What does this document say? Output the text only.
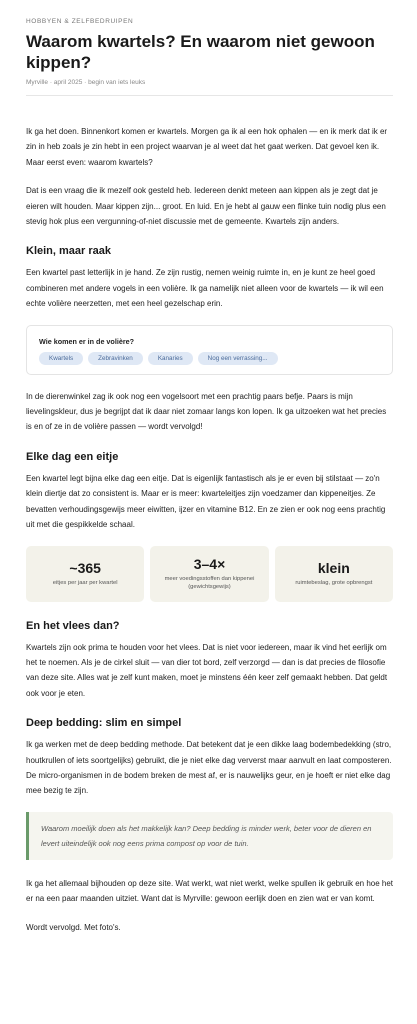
HOBBYEN & ZELFBEDRUIPEN
Waarom kwartels? En waarom niet gewoon kippen?
Myrville · april 2025 · begin van iets leuks

Ik ga het doen. Binnenkort komen er kwartels. Morgen ga ik al een hok ophalen — en ik merk dat ik er zin in heb zoals je zin hebt in een project waarvan je al weet dat het gaat werken. Dat gevoel ken ik. Maar eerst even: waarom kwartels?

Dat is een vraag die ik mezelf ook gesteld heb. Iedereen denkt meteen aan kippen als je zegt dat je eieren wilt houden. Maar kippen zijn... groot. En luid. En je hebt al gauw een flinke tuin nodig plus een stevig hok plus een vergunning-of-niet discussie met de gemeente. Kwartels zijn anders.

Klein, maar raak

Een kwartel past letterlijk in je hand. Ze zijn rustig, nemen weinig ruimte in, en je kunt ze heel goed combineren met andere vogels in een volière. Ik ga namelijk niet alleen voor de kwartels — ik wil een echte volière neerzetten, met een heel gezelschap erin.

Wie komen er in de volière?
Kwartels	Zebravinken	Kanaries	Nog een verrassing...

In de dierenwinkel zag ik ook nog een vogelsoort met een prachtig paars befje. Paars is mijn lievelingskleur, dus je begrijpt dat ik daar niet zomaar langs kon lopen. Ik ga uitzoeken wat het precies is en of ze in de volière passen — wordt vervolgd!

Elke dag een eitje

Een kwartel legt bijna elke dag een eitje. Dat is eigenlijk fantastisch als je er even bij stilstaat — zo'n klein diertje dat zo consistent is. Maar er is meer: kwarteleitjes zijn voedzamer dan kippeneitjes. Ze bevatten verhoudingsgewijs meer eiwitten, ijzer en vitamine B12. En ze zien er ook nog eens prachtig uit met die gespikkelde schaal.

~365
eitjes per jaar per kwartel
3–4×
meer voedingsstoffen dan kippenei (gewichtsgewijs)
klein
ruimtebeslag, grote opbrengst
En het vlees dan?

Kwartels zijn ook prima te houden voor het vlees. Dat is niet voor iedereen, maar ik vind het eerlijk om het te noemen. Als je de cirkel sluit — van dier tot bord, zelf verzorgd — dan is dat precies de filosofie van deze site. Alles wat je zelf kunt maken, moet je minstens één keer zelf gemaakt hebben. Dat geldt ook voor je eten.

Deep bedding: slim en simpel

Ik ga werken met de deep bedding methode. Dat betekent dat je een dikke laag bodembedekking (stro, houtkrullen of iets soortgelijks) gebruikt, die je niet elke dag ververst maar aanvult en laat composteren. De micro-organismen in de bodem breken de mest af, er is nauwelijks geur, en je hoeft er niet elke dag mee bezig te zijn.

Waarom moeilijk doen als het makkelijk kan? Deep bedding is minder werk, beter voor de dieren en levert uiteindelijk ook nog eens prima compost op voor de tuin.

Ik ga het allemaal bijhouden op deze site. Wat werkt, wat niet werkt, welke spullen ik gebruik en hoe het er na een paar maanden uitziet. Want dat is Myrville: gewoon eerlijk doen en zien wat er van komt.

Wordt vervolgd. Met foto's.
